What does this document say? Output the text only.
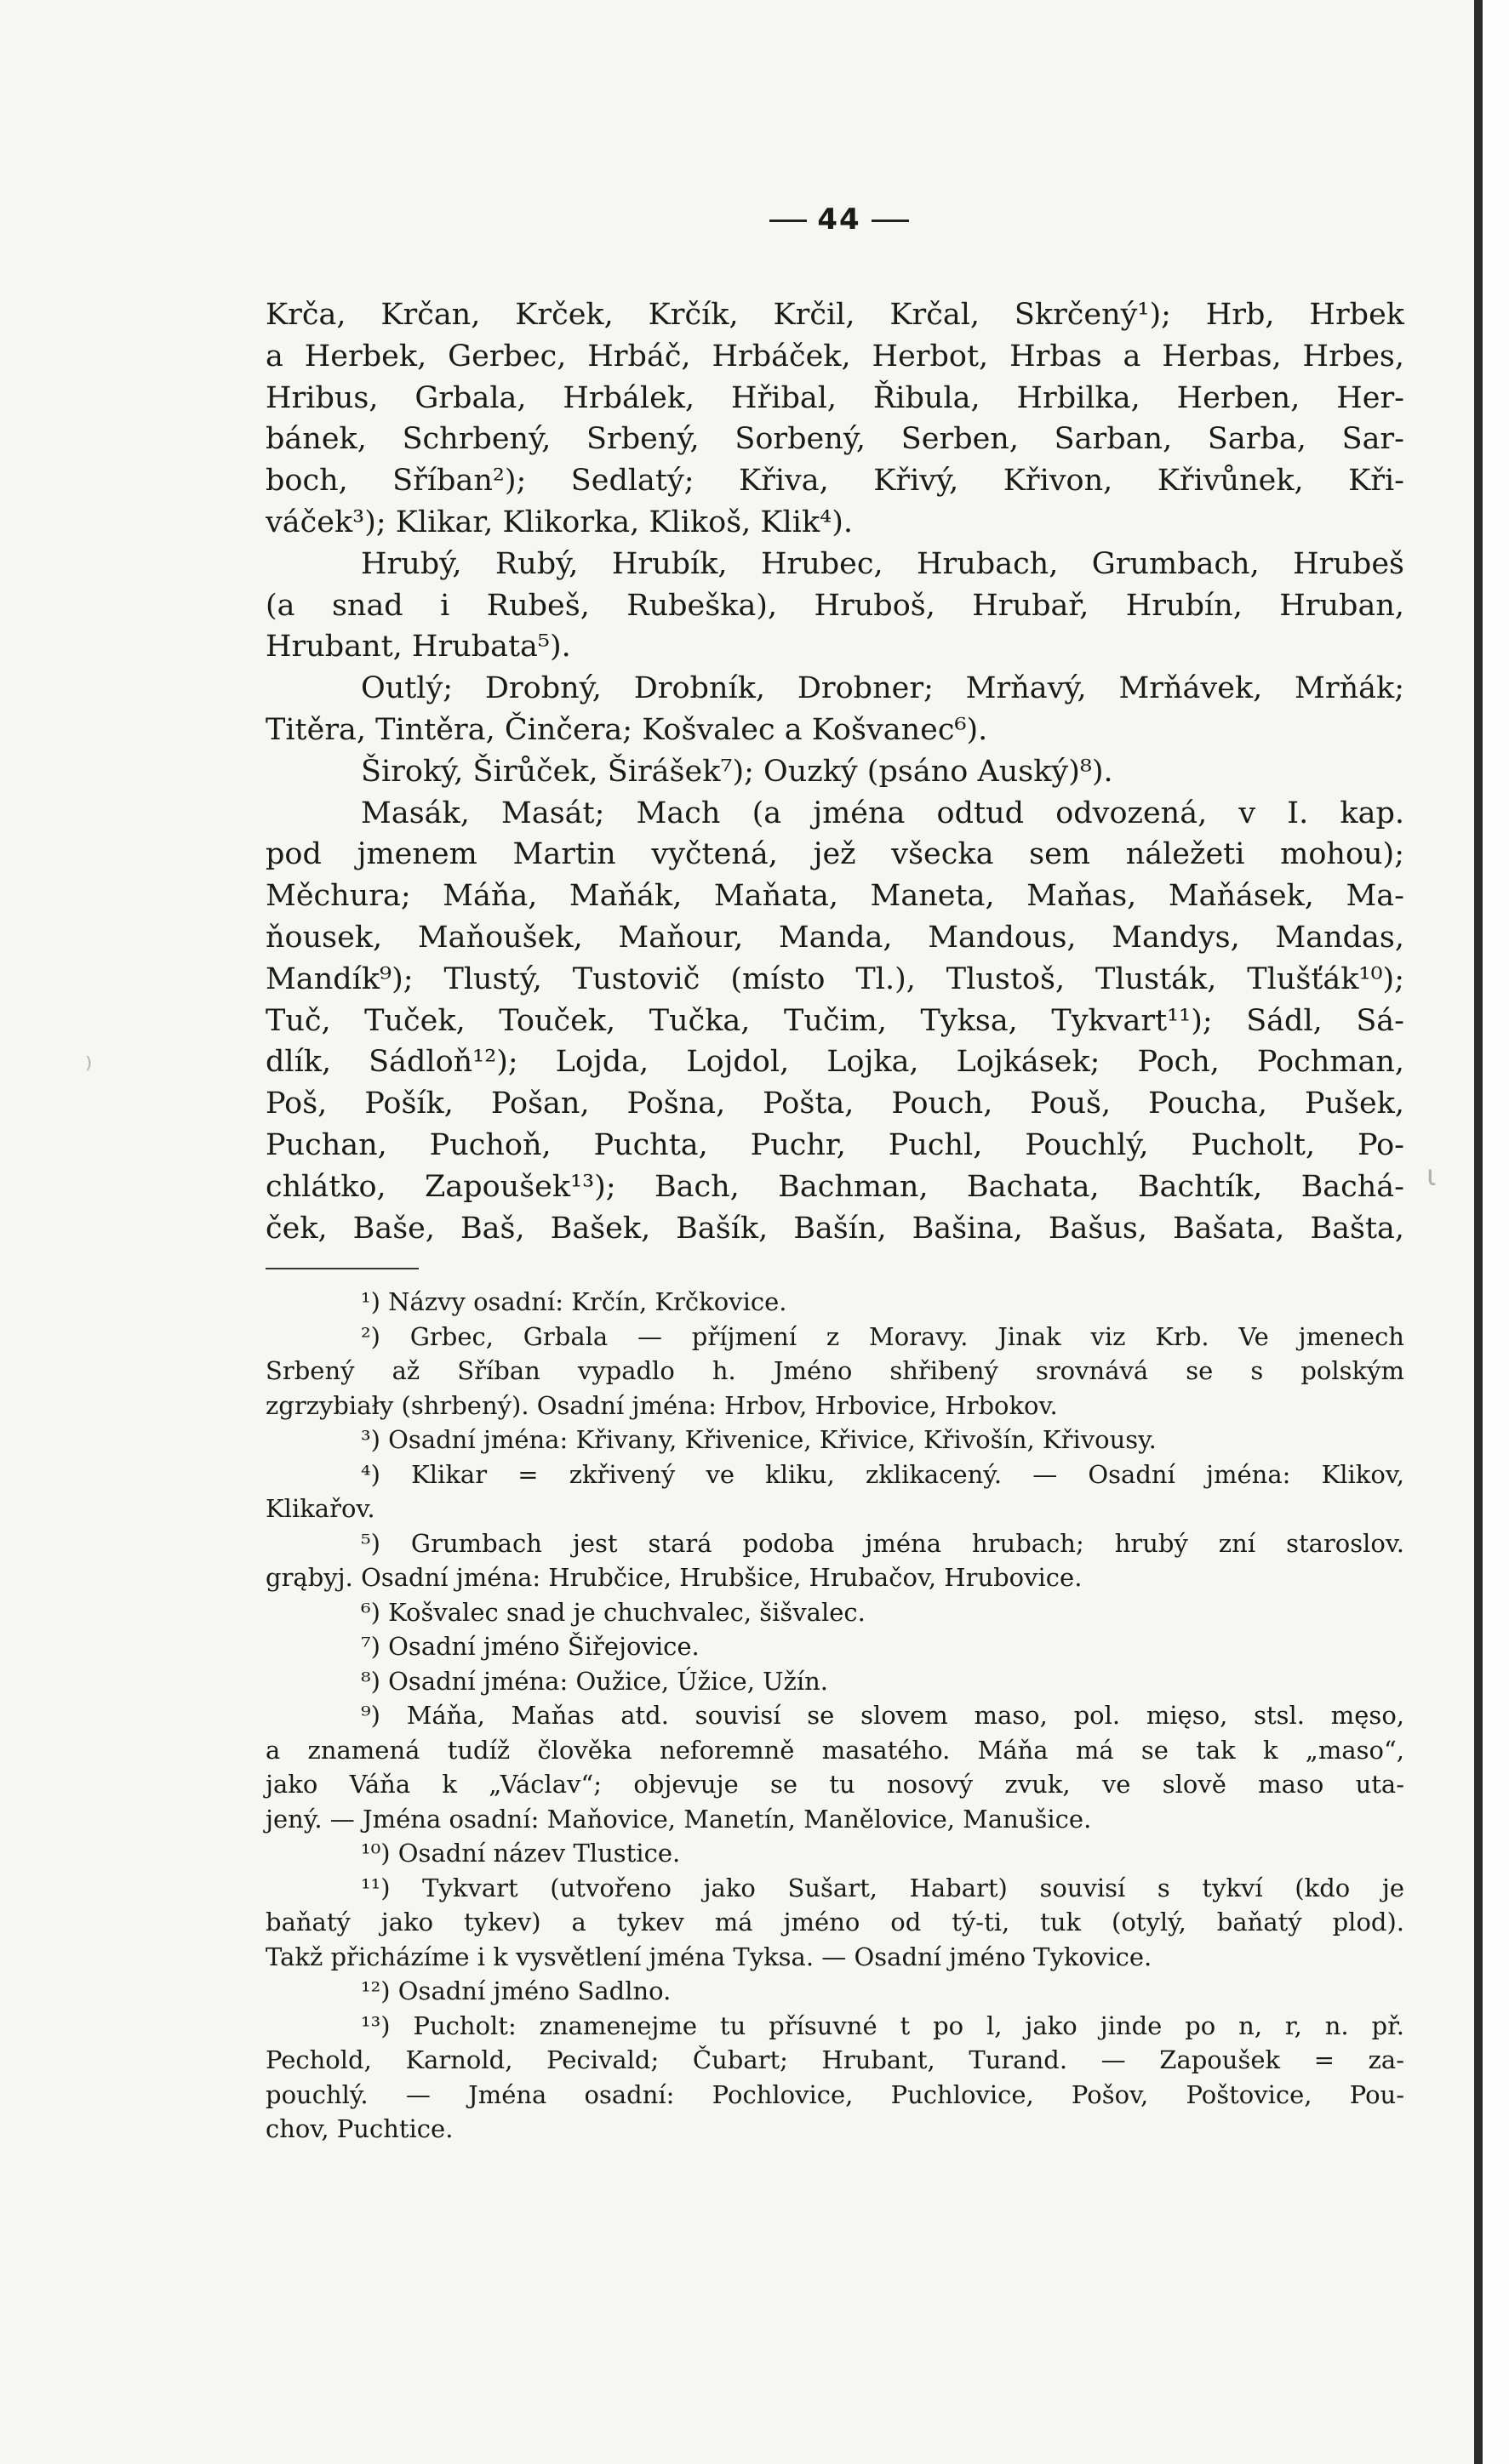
44
Krča, Krčan, Krček, Krčík, Krčil, Krčal, Skrčený¹); Hrb, Hrbek
a Herbek, Gerbec, Hrbáč, Hrbáček, Herbot, Hrbas a Herbas, Hrbes,
Hribus, Grbala, Hrbálek, Hřibal, Řibula, Hrbilka, Herben, Her-
bánek, Schrbený, Srbený, Sorbený, Serben, Sarban, Sarba, Sar-
boch, Sříban²); Sedlatý; Křiva, Křivý, Křivon, Křivůnek, Kři-
váček³); Klikar, Klikorka, Klikoš, Klik⁴).
Hrubý, Rubý, Hrubík, Hrubec, Hrubach, Grumbach, Hrubeš
(a snad i Rubeš, Rubeška), Hruboš, Hrubař, Hrubín, Hruban,
Hrubant, Hrubata⁵).
Outlý; Drobný, Drobník, Drobner; Mrňavý, Mrňávek, Mrňák;
Titěra, Tintěra, Činčera; Košvalec a Košvanec⁶).
Široký, Širůček, Širášek⁷); Ouzký (psáno Auský)⁸).
Masák, Masát; Mach (a jména odtud odvozená, v I. kap.
pod jmenem Martin vyčtená, jež všecka sem náležeti mohou);
Měchura; Máňa, Maňák, Maňata, Maneta, Maňas, Maňásek, Ma-
ňousek, Maňoušek, Maňour, Manda, Mandous, Mandys, Mandas,
Mandík⁹); Tlustý, Tustovič (místo Tl.), Tlustoš, Tlusták, Tlušťák¹⁰);
Tuč, Tuček, Touček, Tučka, Tučim, Tyksa, Tykvart¹¹); Sádl, Sá-
dlík, Sádloň¹²); Lojda, Lojdol, Lojka, Lojkásek; Poch, Pochman,
Poš, Pošík, Pošan, Pošna, Pošta, Pouch, Pouš, Poucha, Pušek,
Puchan, Puchoň, Puchta, Puchr, Puchl, Pouchlý, Pucholt, Po-
chlátko, Zapoušek¹³); Bach, Bachman, Bachata, Bachtík, Bachá-
ček, Baše, Baš, Bašek, Bašík, Bašín, Bašina, Bašus, Bašata, Bašta,
¹) Názvy osadní: Krčín, Krčkovice.
²) Grbec, Grbala — příjmení z Moravy. Jinak viz Krb. Ve jmenech
Srbený až Sříban vypadlo h. Jméno shřibený srovnává se s polským
zgrzybiały (shrbený). Osadní jména: Hrbov, Hrbovice, Hrbokov.
³) Osadní jména: Křivany, Křivenice, Křivice, Křivošín, Křivousy.
⁴) Klikar = zkřivený ve kliku, zklikacený. — Osadní jména: Klikov,
Klikařov.
⁵) Grumbach jest stará podoba jména hrubach; hrubý zní staroslov.
grąbyj. Osadní jména: Hrubčice, Hrubšice, Hrubačov, Hrubovice.
⁶) Košvalec snad je chuchvalec, šišvalec.
⁷) Osadní jméno Šiřejovice.
⁸) Osadní jména: Oužice, Úžice, Užín.
⁹) Máňa, Maňas atd. souvisí se slovem maso, pol. mięso, stsl. męso,
a znamená tudíž člověka neforemně masatého. Máňa má se tak k „maso“,
jako Váňa k „Václav“; objevuje se tu nosový zvuk, ve slově maso uta-
jený. — Jména osadní: Maňovice, Manetín, Manělovice, Manušice.
¹⁰) Osadní název Tlustice.
¹¹) Tykvart (utvořeno jako Sušart, Habart) souvisí s tykví (kdo je
baňatý jako tykev) a tykev má jméno od tý-ti, tuk (otylý, baňatý plod).
Takž přicházíme i k vysvětlení jména Tyksa. — Osadní jméno Tykovice.
¹²) Osadní jméno Sadlno.
¹³) Pucholt: znamenejme tu přísuvné t po l, jako jinde po n, r, n. př.
Pechold, Karnold, Pecivald; Čubart; Hrubant, Turand. — Zapoušek = za-
pouchlý. — Jména osadní: Pochlovice, Puchlovice, Pošov, Poštovice, Pou-
chov, Puchtice.
⁾
ɩ
